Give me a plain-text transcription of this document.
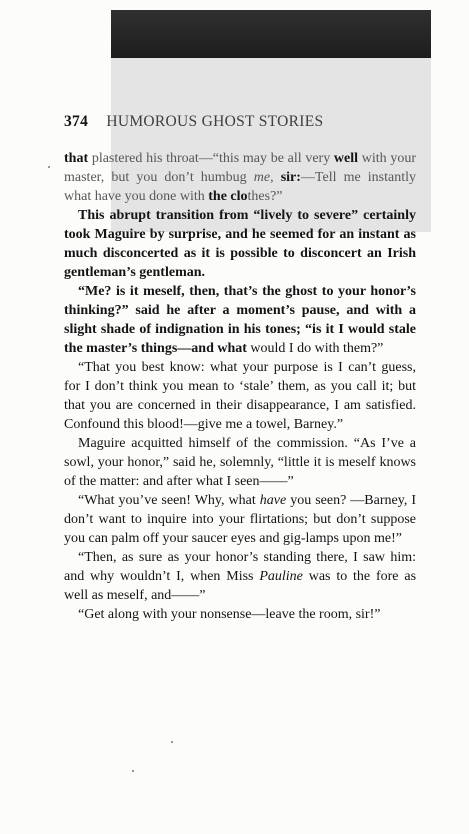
374 HUMOROUS GHOST STORIES

that plastered his throat—“this may be all very well with your master, but you don’t humbug me, sir:—Tell me instantly what have you done with the clothes?”

This abrupt transition from “lively to severe” certainly took Maguire by surprise, and he seemed for an instant as much disconcerted as it is possible to disconcert an Irish gentleman’s gentleman.

“Me? is it meself, then, that’s the ghost to your honor’s thinking?” said he after a moment’s pause, and with a slight shade of indignation in his tones; “is it I would stale the master’s things—and what would I do with them?”

“That you best know: what your purpose is I can’t guess, for I don’t think you mean to ‘stale’ them, as you call it; but that you are concerned in their disappearance, I am satisfied. Confound this blood!—give me a towel, Barney.”

Maguire acquitted himself of the commission. “As I’ve a sowl, your honor,” said he, solemnly, “little it is meself knows of the matter: and after what I seen——”

“What you’ve seen! Why, what have you seen? —Barney, I don’t want to inquire into your flirtations; but don’t suppose you can palm off your saucer eyes and gig-lamps upon me!”

“Then, as sure as your honor’s standing there, I saw him: and why wouldn’t I, when Miss Pauline was to the fore as well as meself, and——”

“Get along with your nonsense—leave the room, sir!”
